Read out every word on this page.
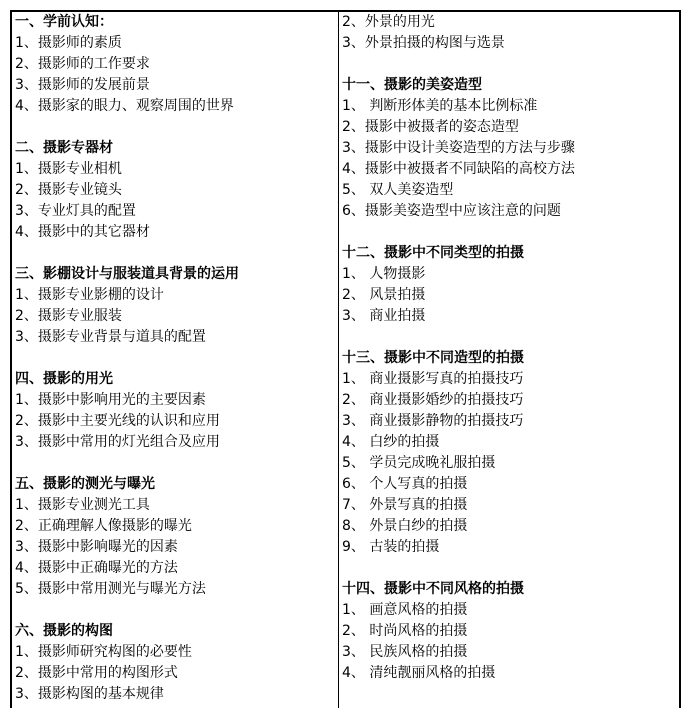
一、学前认知：
1、摄影师的素质
2、摄影师的工作要求
3、摄影师的发展前景
4、摄影家的眼力、观察周围的世界
二、摄影专器材
1、摄影专业相机
2、摄影专业镜头
3、专业灯具的配置
4、摄影中的其它器材
三、影棚设计与服装道具背景的运用
1、摄影专业影棚的设计
2、摄影专业服装
3、摄影专业背景与道具的配置
四、摄影的用光
1、摄影中影响用光的主要因素
2、摄影中主要光线的认识和应用
3、摄影中常用的灯光组合及应用
五、摄影的测光与曝光
1、摄影专业测光工具
2、正确理解人像摄影的曝光
3、摄影中影响曝光的因素
4、摄影中正确曝光的方法
5、摄影中常用测光与曝光方法
六、摄影的构图
1、摄影师研究构图的必要性
2、摄影中常用的构图形式
3、摄影构图的基本规律
2、外景的用光
3、外景拍摄的构图与选景
十一、摄影的美姿造型
1、 判断形体美的基本比例标准
2、摄影中被摄者的姿态造型
3、摄影中设计美姿造型的方法与步骤
4、摄影中被摄者不同缺陷的高校方法
5、 双人美姿造型
6、摄影美姿造型中应该注意的问题
十二、摄影中不同类型的拍摄
1、 人物摄影
2、 风景拍摄
3、 商业拍摄
十三、摄影中不同造型的拍摄
1、 商业摄影写真的拍摄技巧
2、 商业摄影婚纱的拍摄技巧
3、 商业摄影静物的拍摄技巧
4、 白纱的拍摄
5、 学员完成晚礼服拍摄
6、 个人写真的拍摄
7、 外景写真的拍摄
8、 外景白纱的拍摄
9、 古装的拍摄
十四、摄影中不同风格的拍摄
1、 画意风格的拍摄
2、 时尚风格的拍摄
3、 民族风格的拍摄
4、 清纯靓丽风格的拍摄
